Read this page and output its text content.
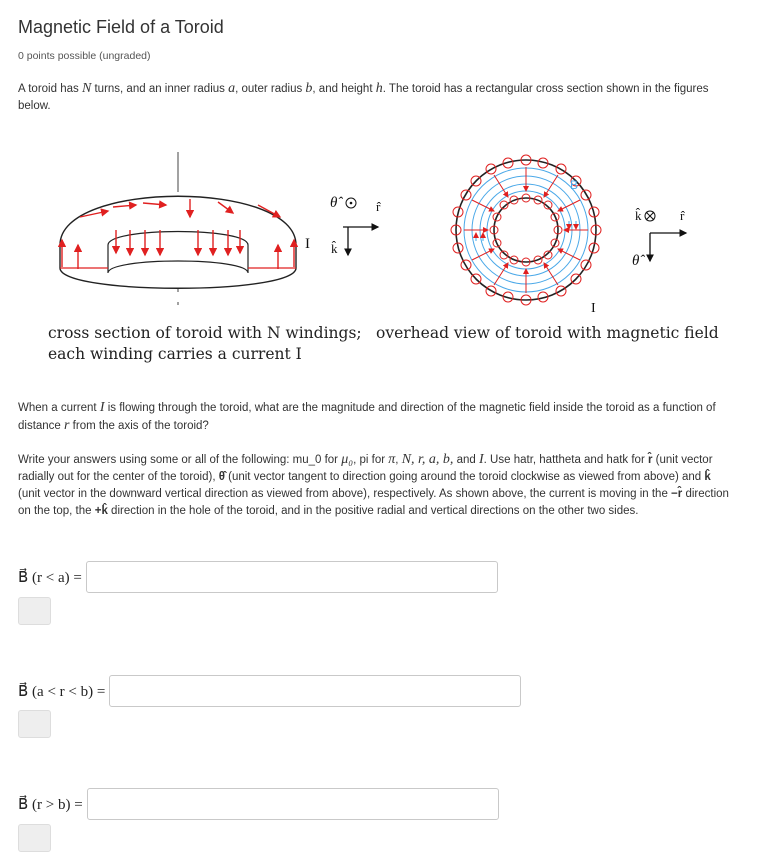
Magnetic Field of a Toroid
0 points possible (ungraded)
A toroid has N turns, and an inner radius a, outer radius b, and height h. The toroid has a rectangular cross section shown in the figures below.
I
θ̂	r̂
k̂
B
I
k̂	r̂
θ̂
cross section of toroid with N windings;
each winding carries a current I
overhead view of toroid with magnetic field
When a current I is flowing through the toroid, what are the magnitude and direction of the magnetic field inside the toroid as a function of distance r from the axis of the toroid?
Write your answers using some or all of the following: mu_0 for μ₀, pi for π, N, r, a, b, and I. Use hatr, hattheta and hatk for r̂ (unit vector radially out for the center of the toroid), θ̂ (unit vector tangent to direction going around the toroid clockwise as viewed from above) and k̂ (unit vector in the downward vertical direction as viewed from above), respectively. As shown above, the current is moving in the −r̂ direction on the top, the +k̂ direction in the hole of the toroid, and in the positive radial and vertical directions on the other two sides.
B⃗ (r < a) =
B⃗ (a < r < b) =
B⃗ (r > b) =
